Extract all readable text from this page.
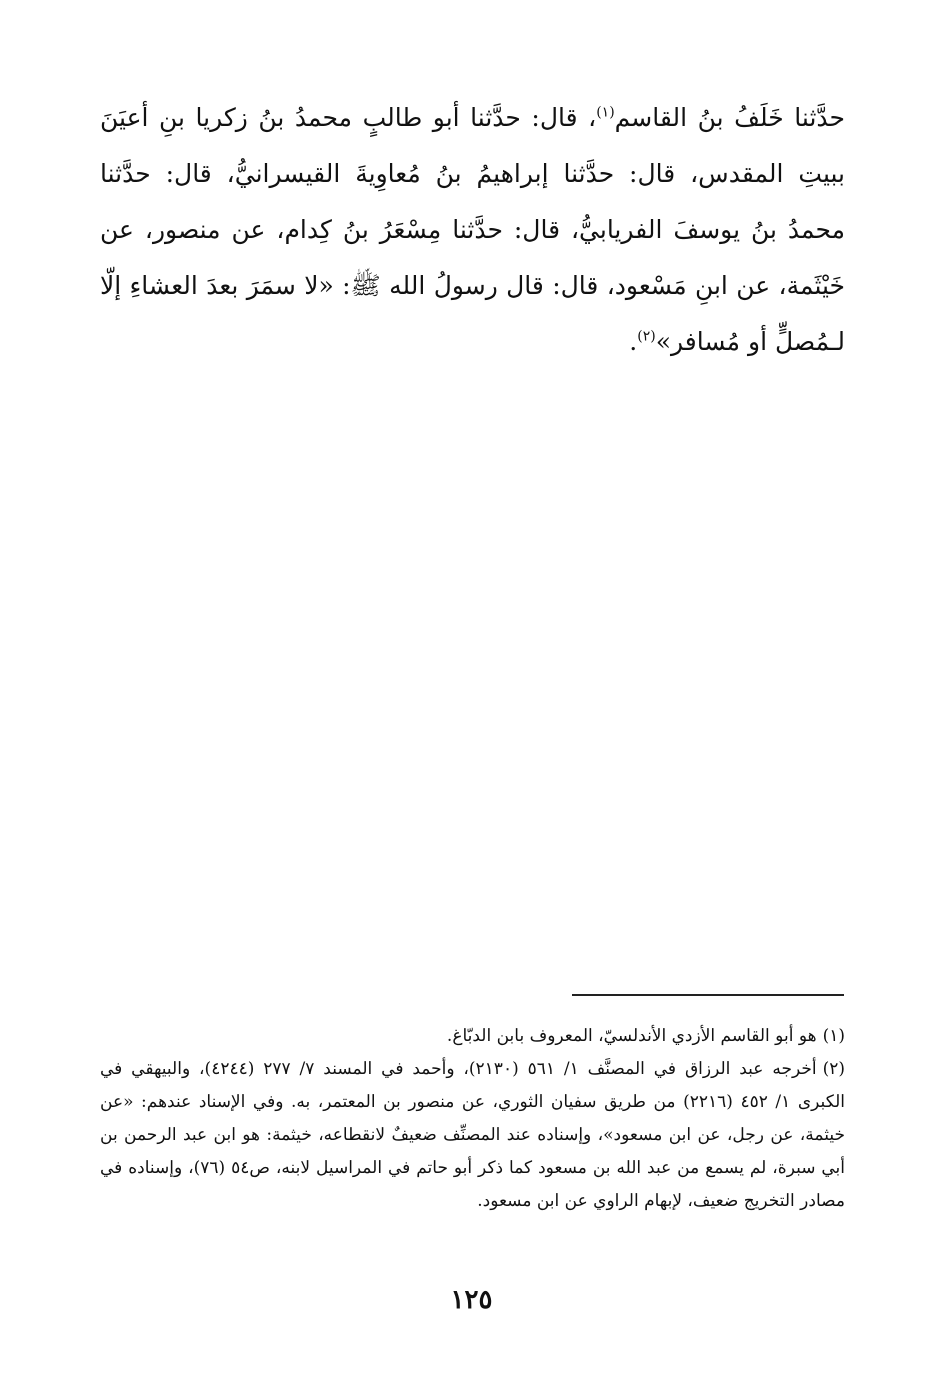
حدَّثنا خَلَفُ بنُ القاسم$^{(١)}$، قال: حدَّثنا أبو طالبٍ محمدُ بنُ زكريا بنِ أعيَنَ ببيتِ المقدس، قال: حدَّثنا إبراهيمُ بنُ مُعاوِيةَ القيسرانيُّ، قال: حدَّثنا محمدُ بنُ يوسفَ الفريابيُّ، قال: حدَّثنا مِسْعَرُ بنُ كِدام، عن منصور، عن خَيْثَمة، عن ابنِ مَسْعود، قال: قال رسولُ الله ﷺ: «لا سمَرَ بعدَ العشاءِ إلّا لـمُصلٍّ أو مُسافر»$^{(٢)}$.

(١)هو أبو القاسم الأزدي الأندلسيّ، المعروف بابن الدبّاغ.

(٢)أخرجه عبد الرزاق في المصنَّف ١/ ٥٦١ (٢١٣٠)، وأحمد في المسند ٧/ ٢٧٧ (٤٢٤٤)، والبيهقي في الكبرى ١/ ٤٥٢ (٢٢١٦) من طريق سفيان الثوري، عن منصور بن المعتمر، به. وفي الإسناد عندهم: «عن خيثمة، عن رجل، عن ابن مسعود»، وإسناده عند المصنِّف ضعيفٌ لانقطاعه، خيثمة: هو ابن عبد الرحمن بن أبي سبرة، لم يسمع من عبد الله بن مسعود كما ذكر أبو حاتم في المراسيل لابنه، ص٥٤ (٧٦)، وإسناده في مصادر التخريج ضعيف، لإبهام الراوي عن ابن مسعود.

١٢٥
